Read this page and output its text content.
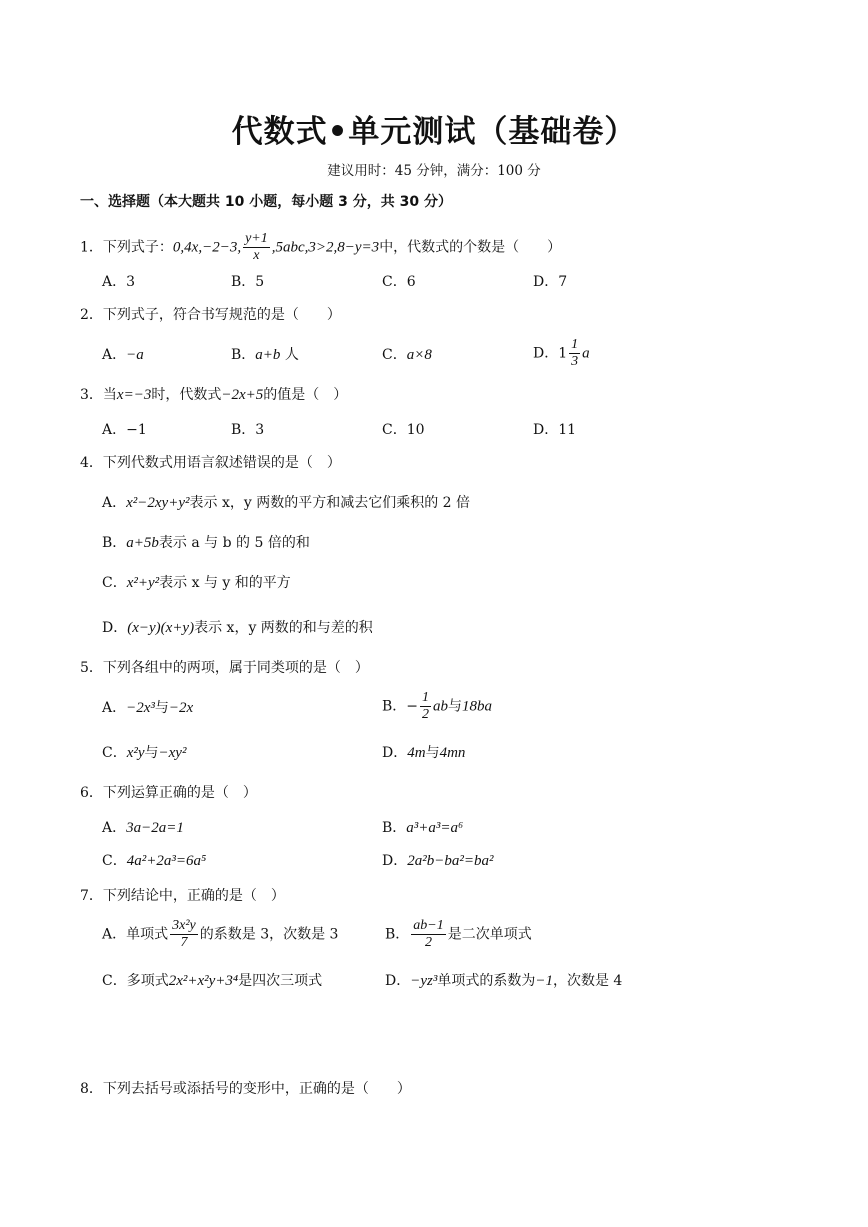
代数式•单元测试（基础卷）
建议用时：45 分钟，满分：100 分
一、选择题（本大题共 10 小题，每小题 3 分，共 30 分）
1．下列式子：0,4x,−2−3, $\frac{y+1}{x} ,5abc,3>2,8-y=3$中，代数式的个数是（　　）
A．3	B．5	C．6	D．7
2．下列式子，符合书写规范的是（　　）
A．−a	B．a+b 人	C．a×8	D．$1 \frac{1}{3}$ a
3．当x=−3时，代数式−2x+5的值是（　）
A．−1	B．3	C．10	D．11
4．下列代数式用语言叙述错误的是（　）
A．x²−2xy+y²表示 x，y 两数的平方和减去它们乘积的 2 倍
B．a+5b表示 a 与 b 的 5 倍的和
C．x²+y²表示 x 与 y 和的平方
D．(x−y)(x+y)表示 x，y 两数的和与差的积
5．下列各组中的两项，属于同类项的是（　）
A．−2x³与−2x	B．− $\frac{1}{2}$ ab与18ba
C．x²y与−xy²	D．4m与4mn
6．下列运算正确的是（　）
A．3a−2a=1	B．a³+a³=a⁶
C．4a²+2a³=6a⁵	D．2a²b−ba²=ba²
7．下列结论中，正确的是（　）
A．单项式 $\frac{\text{3x²y}}{7}$ 的系数是 3，次数是 3	B． $\frac{ab-1}{2}$ 是二次单项式
C．多项式2x²+x²y+3⁴是四次三项式	D．−yz³单项式的系数为−1，次数是 4
8．下列去括号或添括号的变形中，正确的是（　　）
